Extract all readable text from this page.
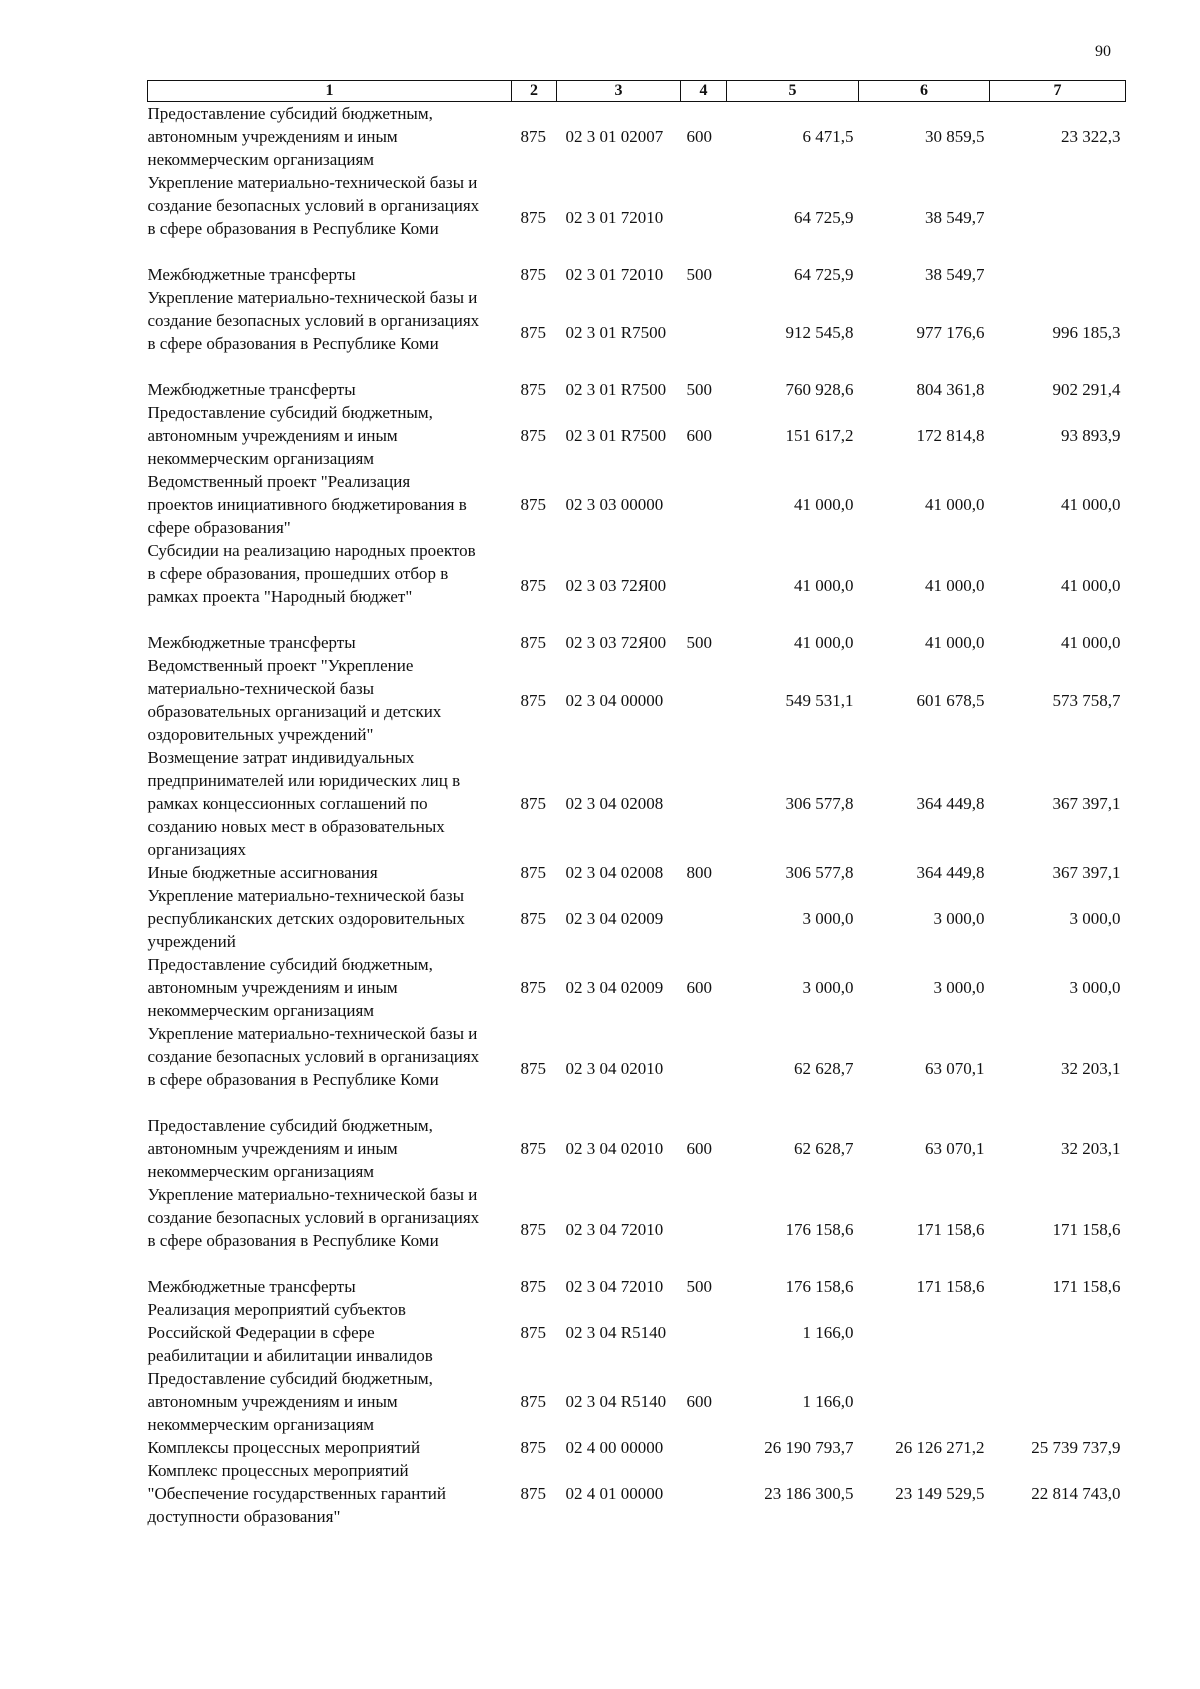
90
1	2	3	4	5	6	7

Предоставление субсидий бюджетным,
автономным учреждениям и иным
некоммерческим организациям	875	02 3 01 02007	600	6 471,5	30 859,5	23 322,3

Укрепление материально-технической базы и
создание безопасных условий в организациях
в сфере образования в Республике Коми	875	02 3 01 72010		64 725,9	38 549,7	

Межбюджетные трансферты	875	02 3 01 72010	500	64 725,9	38 549,7	

Укрепление материально-технической базы и
создание безопасных условий в организациях
в сфере образования в Республике Коми	875	02 3 01 R7500		912 545,8	977 176,6	996 185,3

Межбюджетные трансферты	875	02 3 01 R7500	500	760 928,6	804 361,8	902 291,4

Предоставление субсидий бюджетным,
автономным учреждениям и иным
некоммерческим организациям	875	02 3 01 R7500	600	151 617,2	172 814,8	93 893,9

Ведомственный проект "Реализация
проектов инициативного бюджетирования в
сфере образования"	875	02 3 03 00000		41 000,0	41 000,0	41 000,0

Субсидии на реализацию народных проектов
в сфере образования, прошедших отбор в
рамках проекта "Народный бюджет"	875	02 3 03 72Я00		41 000,0	41 000,0	41 000,0

Межбюджетные трансферты	875	02 3 03 72Я00	500	41 000,0	41 000,0	41 000,0

Ведомственный проект "Укрепление
материально-технической базы
образовательных организаций и детских
оздоровительных учреждений"	875	02 3 04 00000		549 531,1	601 678,5	573 758,7

Возмещение затрат индивидуальных
предпринимателей или юридических лиц в
рамках концессионных соглашений по
созданию новых мест в образовательных
организациях	875	02 3 04 02008		306 577,8	364 449,8	367 397,1

Иные бюджетные ассигнования	875	02 3 04 02008	800	306 577,8	364 449,8	367 397,1

Укрепление материально-технической базы
республиканских детских оздоровительных
учреждений	875	02 3 04 02009		3 000,0	3 000,0	3 000,0

Предоставление субсидий бюджетным,
автономным учреждениям и иным
некоммерческим организациям	875	02 3 04 02009	600	3 000,0	3 000,0	3 000,0

Укрепление материально-технической базы и
создание безопасных условий в организациях
в сфере образования в Республике Коми	875	02 3 04 02010		62 628,7	63 070,1	32 203,1

Предоставление субсидий бюджетным,
автономным учреждениям и иным
некоммерческим организациям	875	02 3 04 02010	600	62 628,7	63 070,1	32 203,1

Укрепление материально-технической базы и
создание безопасных условий в организациях
в сфере образования в Республике Коми	875	02 3 04 72010		176 158,6	171 158,6	171 158,6

Межбюджетные трансферты	875	02 3 04 72010	500	176 158,6	171 158,6	171 158,6

Реализация мероприятий субъектов
Российской Федерации в сфере
реабилитации и абилитации инвалидов	875	02 3 04 R5140		1 166,0		

Предоставление субсидий бюджетным,
автономным учреждениям и иным
некоммерческим организациям	875	02 3 04 R5140	600	1 166,0		

Комплексы процессных мероприятий	875	02 4 00 00000		26 190 793,7	26 126 271,2	25 739 737,9

Комплекс процессных мероприятий
"Обеспечение государственных гарантий
доступности образования"	875	02 4 01 00000		23 186 300,5	23 149 529,5	22 814 743,0
